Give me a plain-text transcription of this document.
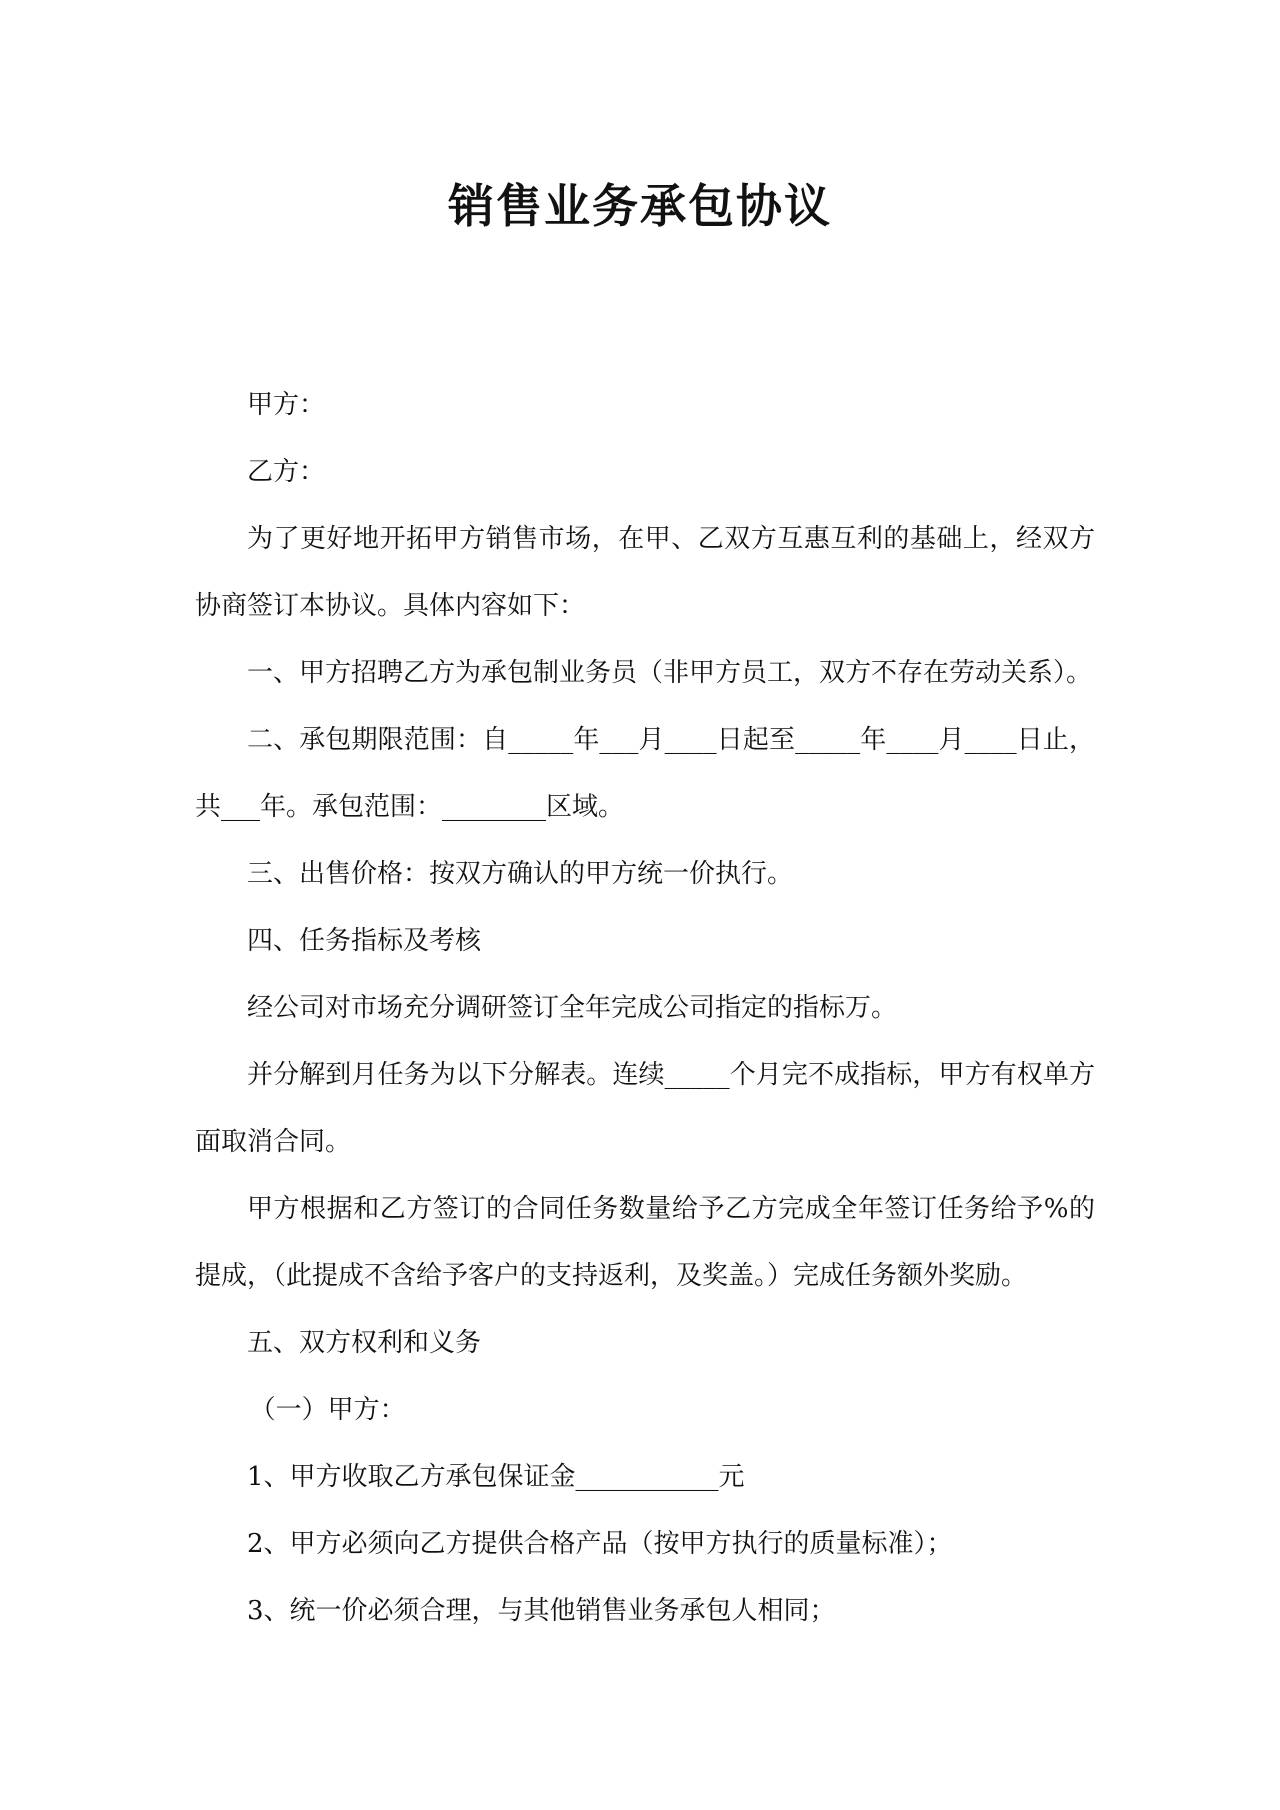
销售业务承包协议

甲方：

乙方：

为了更好地开拓甲方销售市场，在甲、乙双方互惠互利的基础上，经双方协商签订本协议。具体内容如下：

一、甲方招聘乙方为承包制业务员（非甲方员工，双方不存在劳动关系）。

二、承包期限范围：自_____年___月____日起至_____年____月____日止，共___年。承包范围：________区域。

三、出售价格：按双方确认的甲方统一价执行。

四、任务指标及考核

经公司对市场充分调研签订全年完成公司指定的指标万。

并分解到月任务为以下分解表。连续_____个月完不成指标，甲方有权单方面取消合同。

甲方根据和乙方签订的合同任务数量给予乙方完成全年签订任务给予%的提成，（此提成不含给予客户的支持返利，及奖盖。）完成任务额外奖励。

五、双方权利和义务

（一）甲方：

1、甲方收取乙方承包保证金___________元

2、甲方必须向乙方提供合格产品（按甲方执行的质量标准）；

3、统一价必须合理，与其他销售业务承包人相同；
